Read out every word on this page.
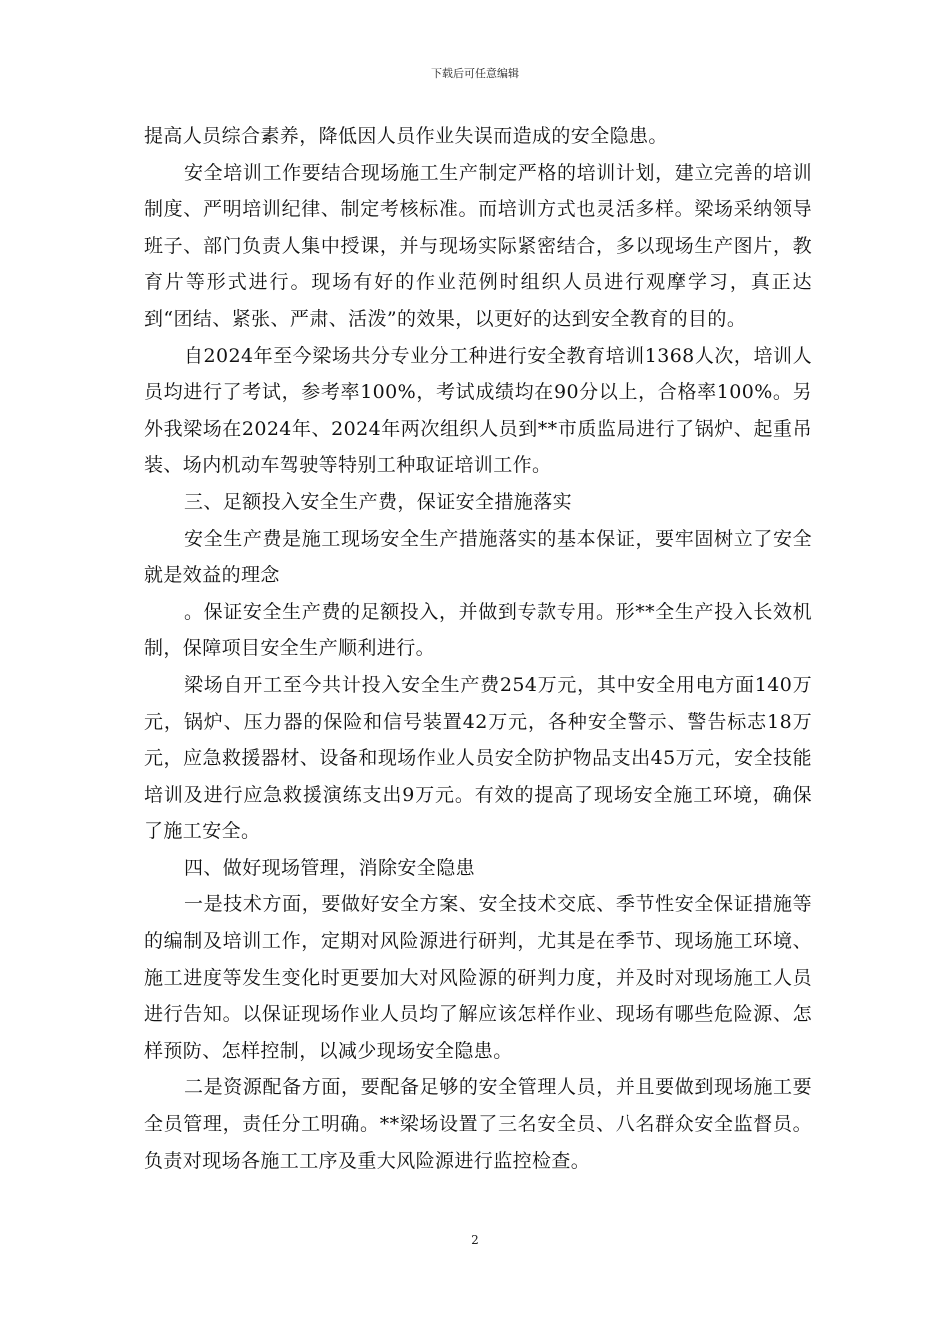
下载后可任意编辑

提高人员综合素养，降低因人员作业失误而造成的安全隐患。

安全培训工作要结合现场施工生产制定严格的培训计划，建立完善的培训制度、严明培训纪律、制定考核标准。而培训方式也灵活多样。梁场采纳领导班子、部门负责人集中授课，并与现场实际紧密结合，多以现场生产图片，教育片等形式进行。现场有好的作业范例时组织人员进行观摩学习，真正达到“团结、紧张、严肃、活泼”的效果，以更好的达到安全教育的目的。

自2024年至今梁场共分专业分工种进行安全教育培训1368人次，培训人员均进行了考试，参考率100%，考试成绩均在90分以上，合格率100%。另外我梁场在2024年、2024年两次组织人员到**市质监局进行了锅炉、起重吊装、场内机动车驾驶等特别工种取证培训工作。

三、足额投入安全生产费，保证安全措施落实

安全生产费是施工现场安全生产措施落实的基本保证，要牢固树立了安全就是效益的理念

。保证安全生产费的足额投入，并做到专款专用。形**全生产投入长效机制，保障项目安全生产顺利进行。

梁场自开工至今共计投入安全生产费254万元，其中安全用电方面140万元，锅炉、压力器的保险和信号装置42万元，各种安全警示、警告标志18万元，应急救援器材、设备和现场作业人员安全防护物品支出45万元，安全技能培训及进行应急救援演练支出9万元。有效的提高了现场安全施工环境，确保了施工安全。

四、做好现场管理，消除安全隐患

一是技术方面，要做好安全方案、安全技术交底、季节性安全保证措施等的编制及培训工作，定期对风险源进行研判，尤其是在季节、现场施工环境、施工进度等发生变化时更要加大对风险源的研判力度，并及时对现场施工人员进行告知。以保证现场作业人员均了解应该怎样作业、现场有哪些危险源、怎样预防、怎样控制，以减少现场安全隐患。

二是资源配备方面，要配备足够的安全管理人员，并且要做到现场施工要全员管理，责任分工明确。**梁场设置了三名安全员、八名群众安全监督员。负责对现场各施工工序及重大风险源进行监控检查。

2
